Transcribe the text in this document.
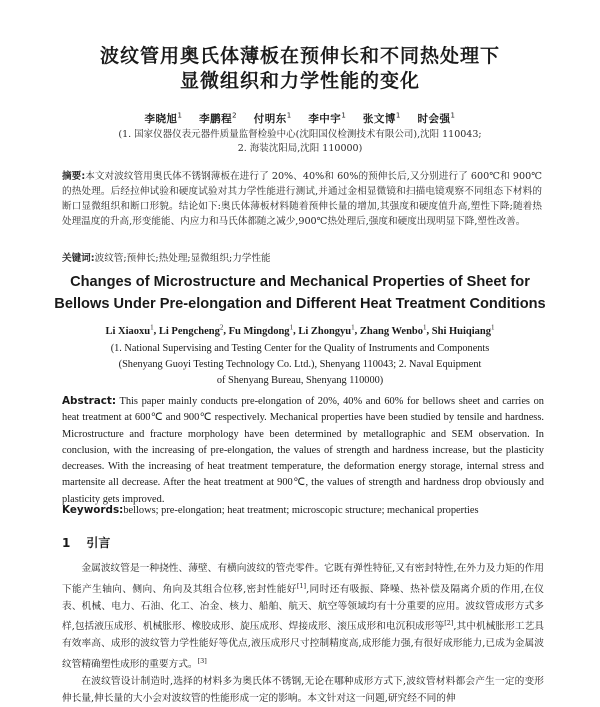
波纹管用奥氏体薄板在预伸长和不同热处理下
显微组织和力学性能的变化
李晓旭$^1$ 李鹏程$^2$ 付明东$^1$ 李中宇$^1$ 张文博$^1$ 时会强$^1$
(1. 国家仪器仪表元器件质量监督检验中心(沈阳国仪检测技术有限公司),沈阳 110043;
2. 海装沈阳局,沈阳 110000)
摘要:本文对波纹管用奥氏体不锈钢薄板在进行了 20%、40%和 60%的预伸长后,又分别进行了 600℃和 900℃的热处理。后经拉伸试验和硬度试验对其力学性能进行测试,并通过金相显微镜和扫描电镜观察不同组态下材料的断口显微组织和断口形貌。结论如下:奥氏体薄板材料随着预伸长量的增加,其强度和硬度值升高,塑性下降;随着热处理温度的升高,形变能能、内应力和马氏体都随之减少,900℃热处理后,强度和硬度出现明显下降,塑性改善。
关键词:波纹管;预伸长;热处理;显微组织;力学性能
Changes of Microstructure and Mechanical Properties of Sheet for
Bellows Under Pre-elongation and Different Heat Treatment Conditions
Li Xiaoxu$^1$, Li Pengcheng$^2$, Fu Mingdong$^1$, Li Zhongyu$^1$, Zhang Wenbo$^1$, Shi Huiqiang$^1$
(1. National Supervising and Testing Center for the Quality of Instruments and Components
(Shenyang Guoyi Testing Technology Co. Ltd.), Shenyang 110043; 2. Naval Equipment
of Shenyang Bureau, Shenyang 110000)
Abstract: This paper mainly conducts pre-elongation of 20%, 40% and 60% for bellows sheet and carries on heat treatment at 600℃ and 900℃ respectively. Mechanical properties have been studied by tensile and hardness. Microstructure and fracture morphology have been determined by metallographic and SEM observation. In conclusion, with the increasing of pre-elongation, the values of strength and hardness increase, but the plasticity decreases. With the increasing of heat treatment temperature, the deformation energy storage, internal stress and martensite all decrease. After the heat treatment at 900℃, the values of strength and hardness drop obviously and plasticity gets improved.
Keywords:bellows; pre-elongation; heat treatment; microscopic structure; mechanical properties
1 引言

金属波纹管是一种挠性、薄壁、有横向波纹的管壳零件。它既有弹性特征,又有密封特性,在外力及力矩的作用下能产生轴向、侧向、角向及其组合位移,密封性能好[1],同时还有吸振、降噪、热补偿及隔离介质的作用,在仪表、机械、电力、石油、化工、冶金、核力、船舶、航天、航空等领域均有十分重要的应用。波纹管成形方式多样,包括液压成形、机械胀形、橡胶成形、旋压成形、焊接成形、滚压成形和电沉积成形等[2],其中机械胀形工艺具有效率高、成形的波纹管力学性能好等优点,液压成形尺寸控制精度高,成形能力强,有很好成形能力,已成为金属波纹管精确塑性成形的重要方式。[3]

在波纹管设计制造时,选择的材料多为奥氏体不锈钢,无论在哪种成形方式下,波纹管材料都会产生一定的变形伸长量,伸长量的大小会对波纹管的性能形成一定的影响。本文针对这一问题,研究经不同的伸
